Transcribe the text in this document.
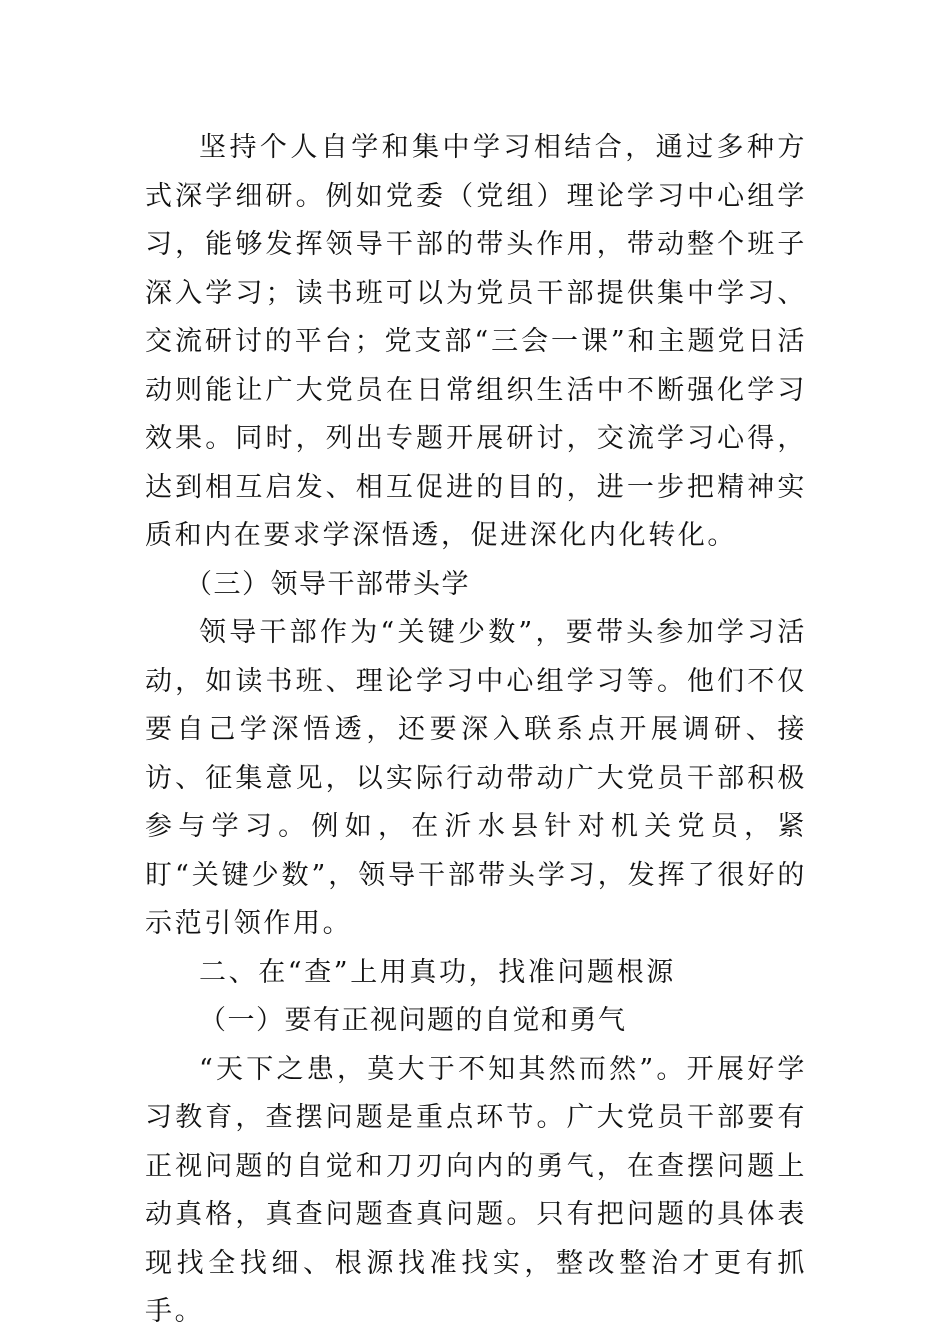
坚持个人自学和集中学习相结合，通过多种方式深学细研。例如党委（党组）理论学习中心组学习，能够发挥领导干部的带头作用，带动整个班子深入学习；读书班可以为党员干部提供集中学习、交流研讨的平台；党支部“三会一课”和主题党日活动则能让广大党员在日常组织生活中不断强化学习效果。同时，列出专题开展研讨，交流学习心得，达到相互启发、相互促进的目的，进一步把精神实质和内在要求学深悟透，促进深化内化转化。

（三）领导干部带头学

领导干部作为“关键少数”，要带头参加学习活动，如读书班、理论学习中心组学习等。他们不仅要自己学深悟透，还要深入联系点开展调研、接访、征集意见，以实际行动带动广大党员干部积极参与学习。例如，在沂水县针对机关党员，紧盯“关键少数”，领导干部带头学习，发挥了很好的示范引领作用。

二、在“查”上用真功，找准问题根源

（一）要有正视问题的自觉和勇气

“天下之患，莫大于不知其然而然”。开展好学习教育，查摆问题是重点环节。广大党员干部要有正视问题的自觉和刀刃向内的勇气，在查摆问题上动真格，真查问题查真问题。只有把问题的具体表现找全找细、根源找准找实，整改整治才更有抓手。
